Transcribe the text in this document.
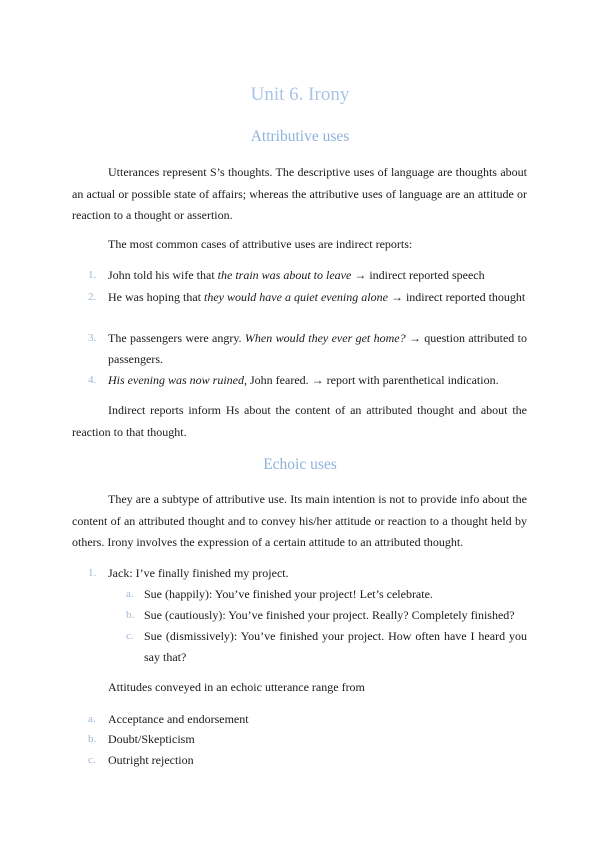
Unit 6. Irony
Attributive uses

Utterances represent S’s thoughts. The descriptive uses of language are thoughts about an actual or possible state of affairs; whereas the attributive uses of language are an attitude or reaction to a thought or assertion.

The most common cases of attributive uses are indirect reports:

1. John told his wife that the train was about to leave → indirect reported speech
2. He was hoping that they would have a quiet evening alone → indirect reported thought
3. The passengers were angry. When would they ever get home? → question attributed to passengers.
4. His evening was now ruined, John feared. → report with parenthetical indication.

Indirect reports inform Hs about the content of an attributed thought and about the reaction to that thought.

Echoic uses

They are a subtype of attributive use. Its main intention is not to provide info about the content of an attributed thought and to convey his/her attitude or reaction to a thought held by others. Irony involves the expression of a certain attitude to an attributed thought.

1. Jack: I’ve finally finished my project.
a. Sue (happily): You’ve finished your project! Let’s celebrate.
b. Sue (cautiously): You’ve finished your project. Really? Completely finished?
c. Sue (dismissively): You’ve finished your project. How often have I heard you say that?

Attitudes conveyed in an echoic utterance range from

a. Acceptance and endorsement
b. Doubt/Skepticism
c. Outright rejection
